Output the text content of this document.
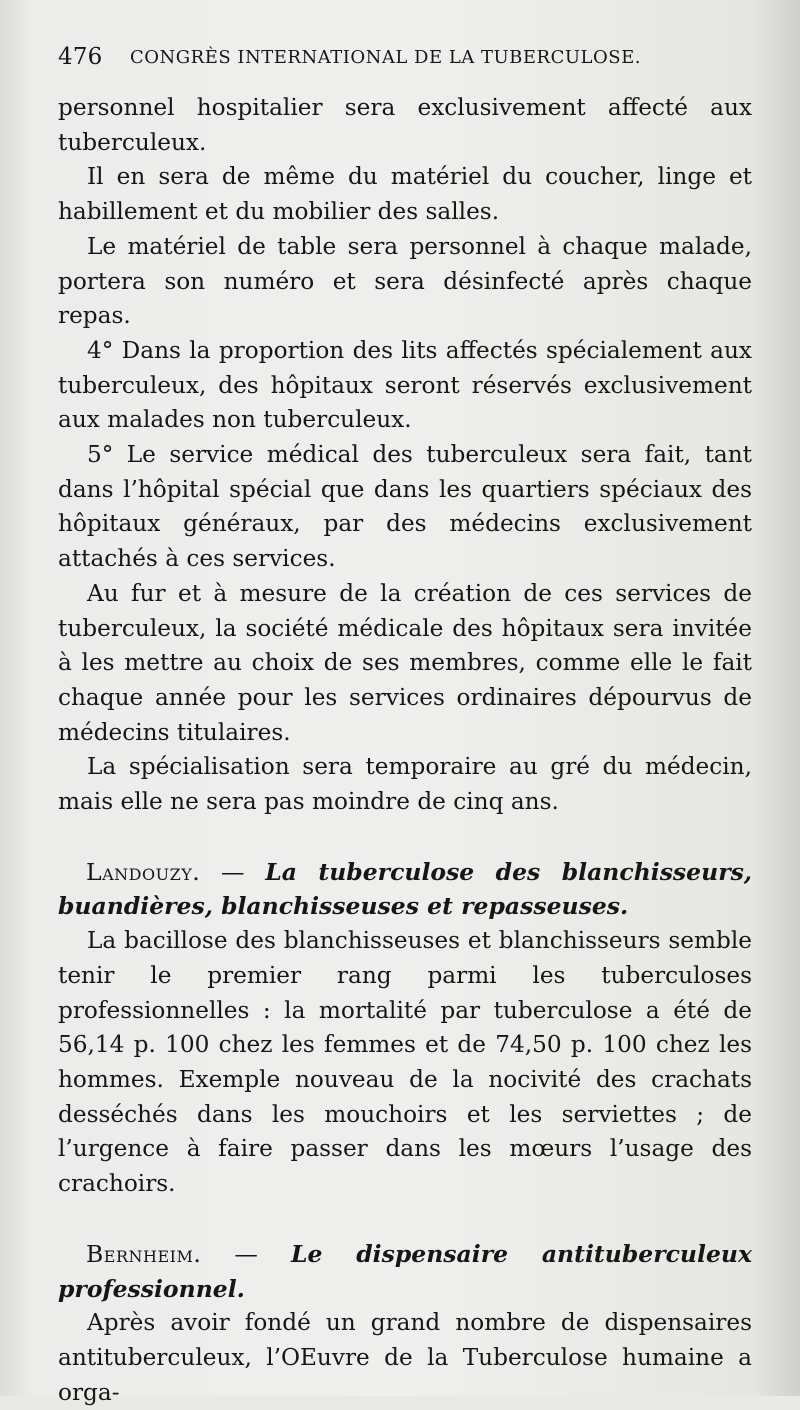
476 CONGRÈS INTERNATIONAL DE LA TUBERCULOSE.

personnel hospitalier sera exclusivement affecté aux tuberculeux.

Il en sera de même du matériel du coucher, linge et habillement et du mobilier des salles.

Le matériel de table sera personnel à chaque malade, portera son numéro et sera désinfecté après chaque repas.

4° Dans la proportion des lits affectés spécialement aux tuberculeux, des hôpitaux seront réservés exclusivement aux malades non tuberculeux.

5° Le service médical des tuberculeux sera fait, tant dans l’hôpital spécial que dans les quartiers spéciaux des hôpitaux généraux, par des médecins exclusivement attachés à ces services.

Au fur et à mesure de la création de ces services de tuberculeux, la société médicale des hôpitaux sera invitée à les mettre au choix de ses membres, comme elle le fait chaque année pour les services ordinaires dépourvus de médecins titulaires.

La spécialisation sera temporaire au gré du médecin, mais elle ne sera pas moindre de cinq ans.

Landouzy. — La tuberculose des blanchisseurs, buandières, blanchisseuses et repasseuses.

La bacillose des blanchisseuses et blanchisseurs semble tenir le premier rang parmi les tuberculoses professionnelles : la mortalité par tuberculose a été de 56,14 p. 100 chez les femmes et de 74,50 p. 100 chez les hommes. Exemple nouveau de la nocivité des crachats desséchés dans les mouchoirs et les serviettes ; de l’urgence à faire passer dans les mœurs l’usage des crachoirs.

Bernheim. — Le dispensaire antituberculeux professionnel.

Après avoir fondé un grand nombre de dispensaires antituberculeux, l’OEuvre de la Tuberculose humaine a orga-
